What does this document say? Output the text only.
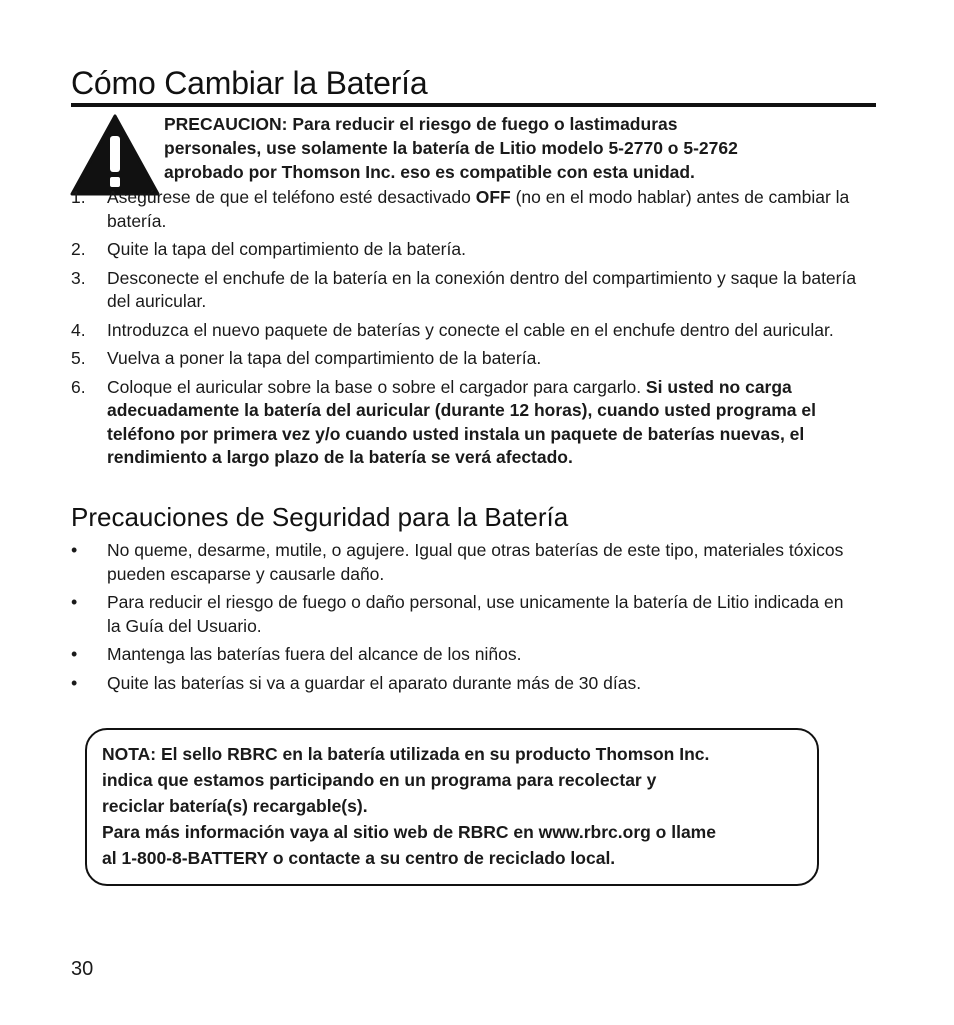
Cómo Cambiar la Batería

PRECAUCION: Para reducir el riesgo de fuego o lastimaduras
personales, use solamente la batería de Litio modelo 5-2770 o 5-2762
aprobado por Thomson Inc. eso es compatible con esta unidad.

1. Asegúrese de que el teléfono esté desactivado OFF (no en el modo hablar) antes de cambiar la batería.
2. Quite la tapa del compartimiento de la batería.
3. Desconecte el enchufe de la batería en la conexión dentro del compartimiento y saque la batería del auricular.
4. Introduzca el nuevo paquete de baterías y conecte el cable en el enchufe dentro del auricular.
5. Vuelva a poner la tapa del compartimiento de la batería.
6. Coloque el auricular sobre la base o sobre el cargador para cargarlo. Si usted no carga adecuadamente la batería del auricular (durante 12 horas), cuando usted programa el teléfono por primera vez y/o cuando usted instala un paquete de baterías nuevas, el rendimiento a largo plazo de la batería se verá afectado.
Precauciones de Seguridad para la Batería
• No queme, desarme, mutile, o agujere. Igual que otras baterías de este tipo, materiales tóxicos pueden escaparse y causarle daño.
• Para reducir el riesgo de fuego o daño personal, use unicamente la batería de Litio indicada en la Guía del Usuario.
• Mantenga las baterías fuera del alcance de los niños.
• Quite las baterías si va a guardar el aparato durante más de 30 días.

NOTA: El sello RBRC en la batería utilizada en su producto Thomson Inc.
indica que estamos participando en un programa para recolectar y
reciclar batería(s) recargable(s).
Para más información vaya al sitio web de RBRC en www.rbrc.org o llame
al 1-800-8-BATTERY o contacte a su centro de reciclado local.

30
